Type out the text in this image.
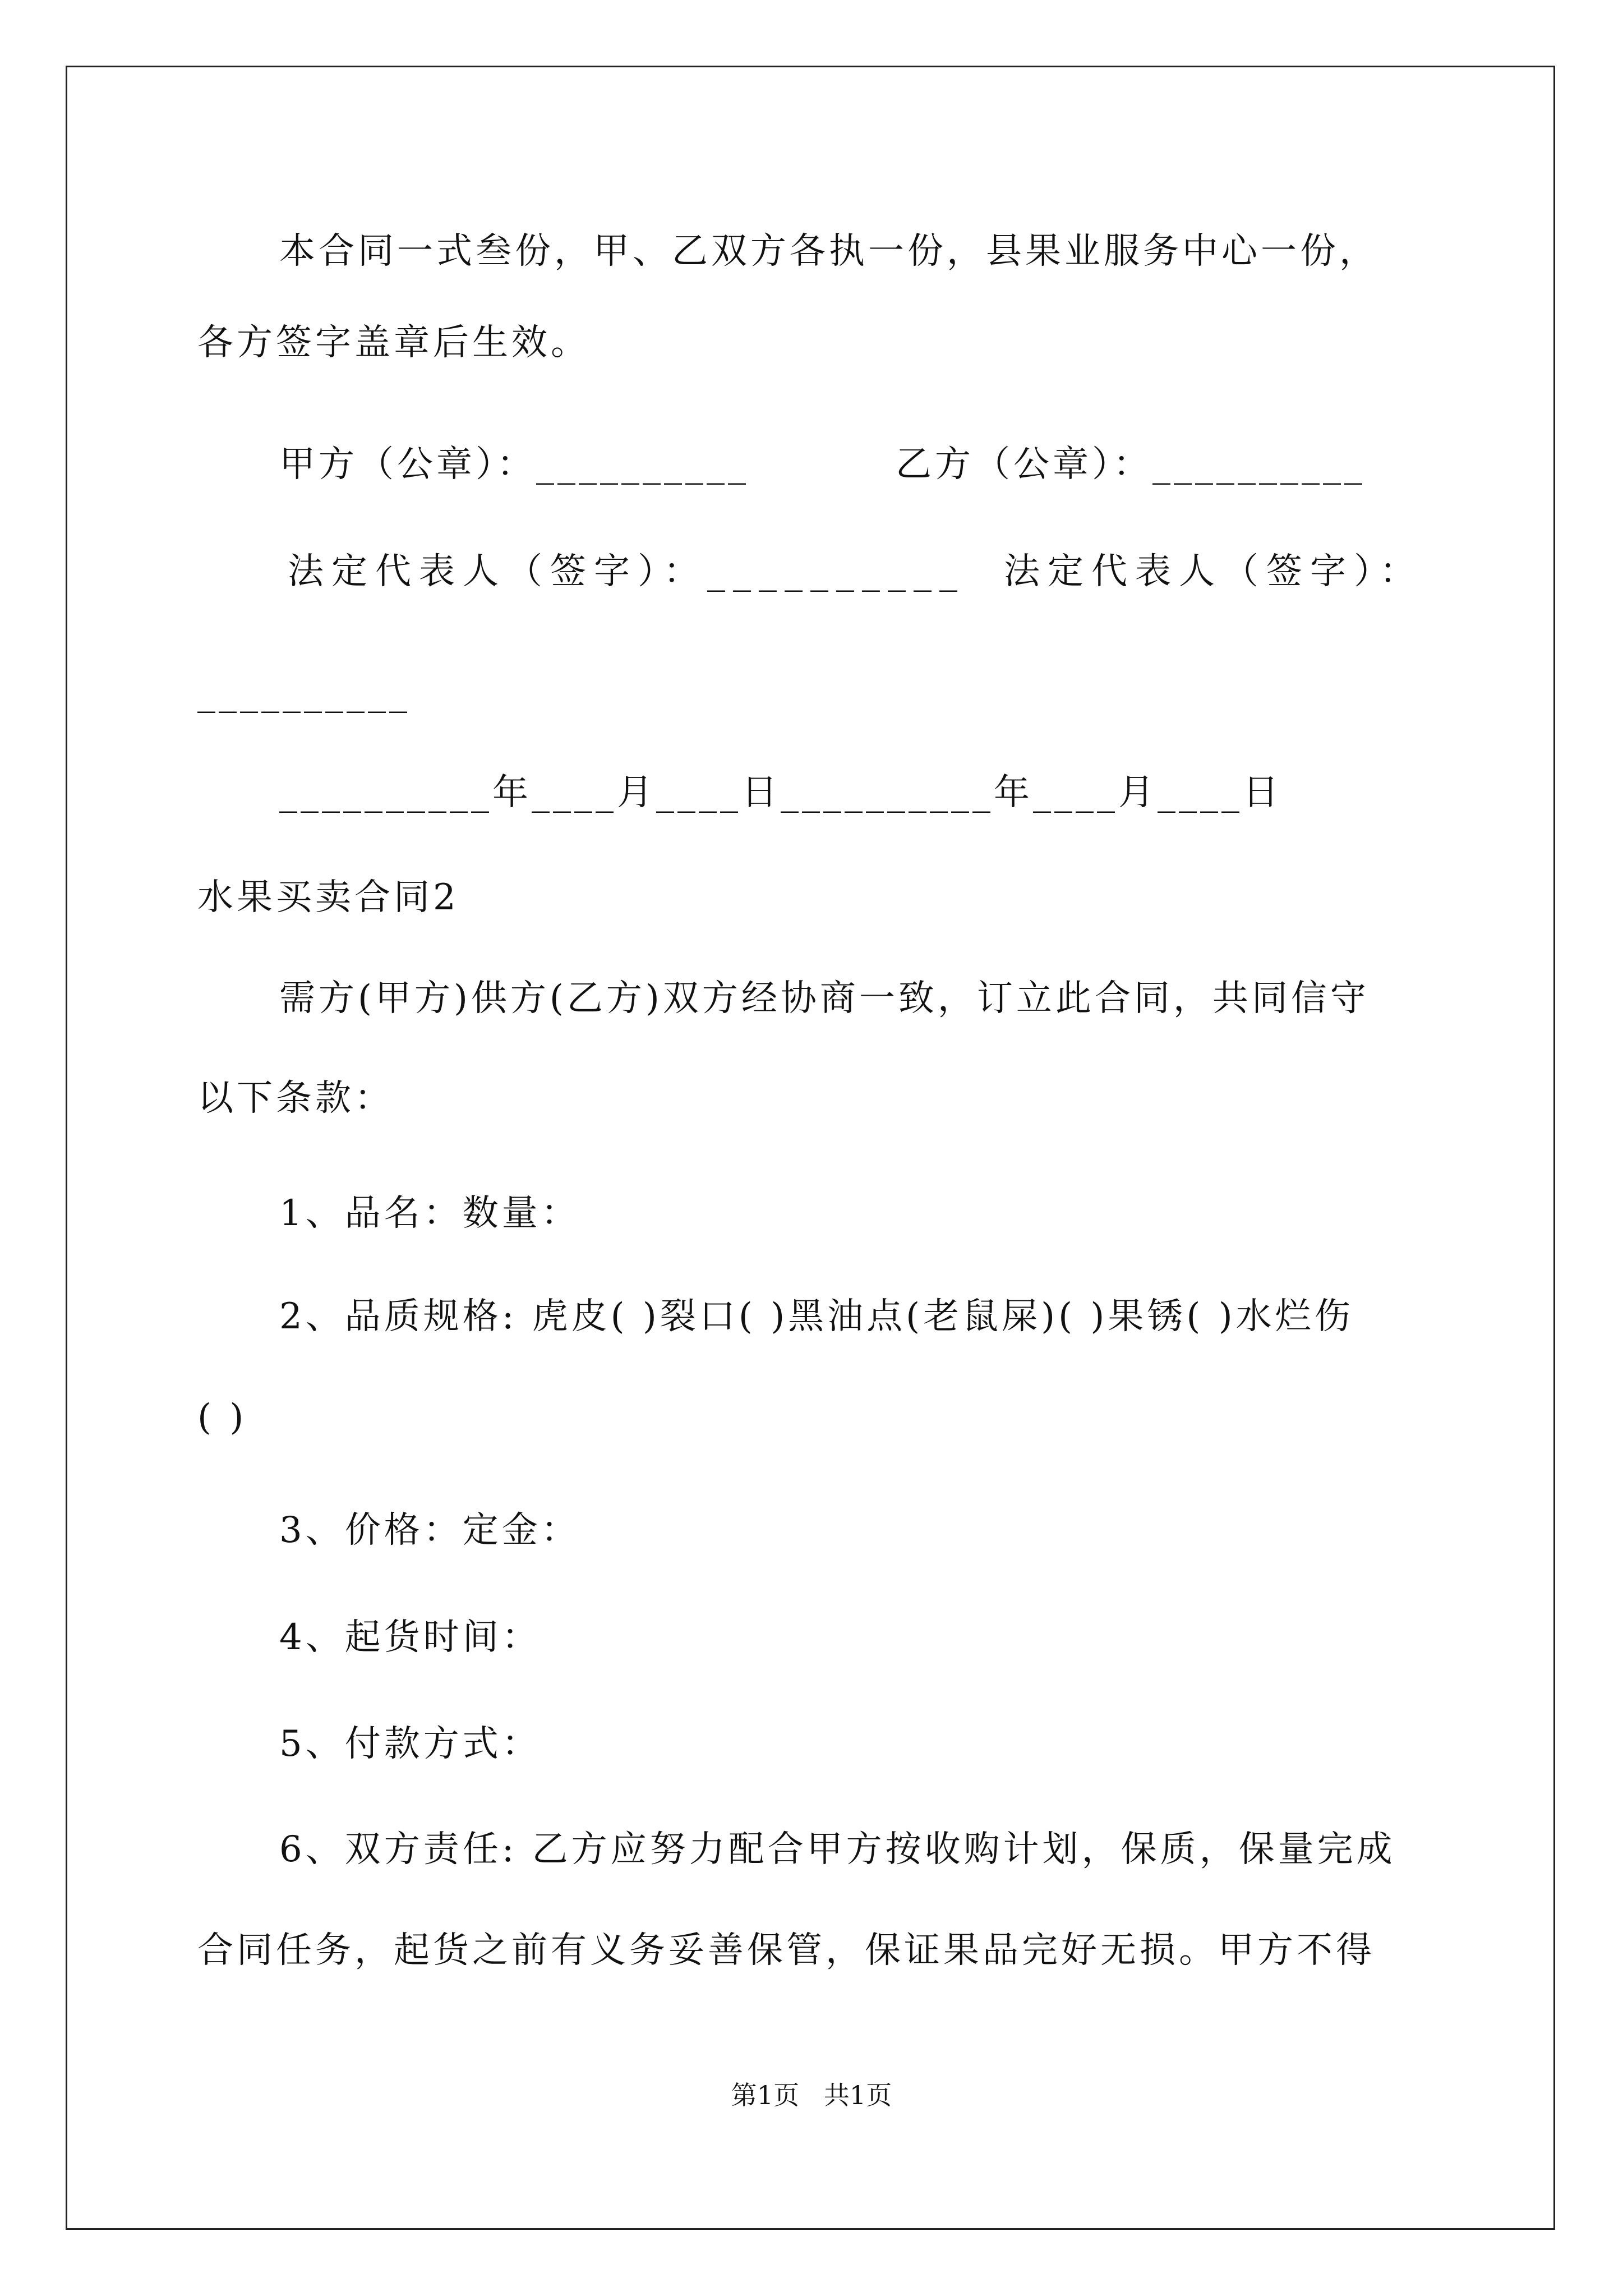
本合同一式叁份，甲、乙双方各执一份，县果业服务中心一份，
各方签字盖章后生效。
甲方（公章）：__________	乙方（公章）：__________
法定代表人（签字）：__________ 法定代表人（签字）：
__________
__________年____月____日__________年____月____日
水果买卖合同2
需方(甲方)供方(乙方)双方经协商一致，订立此合同，共同信守
以下条款：
1、品名：数量：
2、品质规格: 虎皮( )裂口( )黑油点(老鼠屎)( )果锈( )水烂伤
( )
3、价格：定金：
4、起货时间：
5、付款方式：
6、双方责任: 乙方应努力配合甲方按收购计划，保质，保量完成
合同任务，起货之前有义务妥善保管，保证果品完好无损。甲方不得
第1页   共1页
